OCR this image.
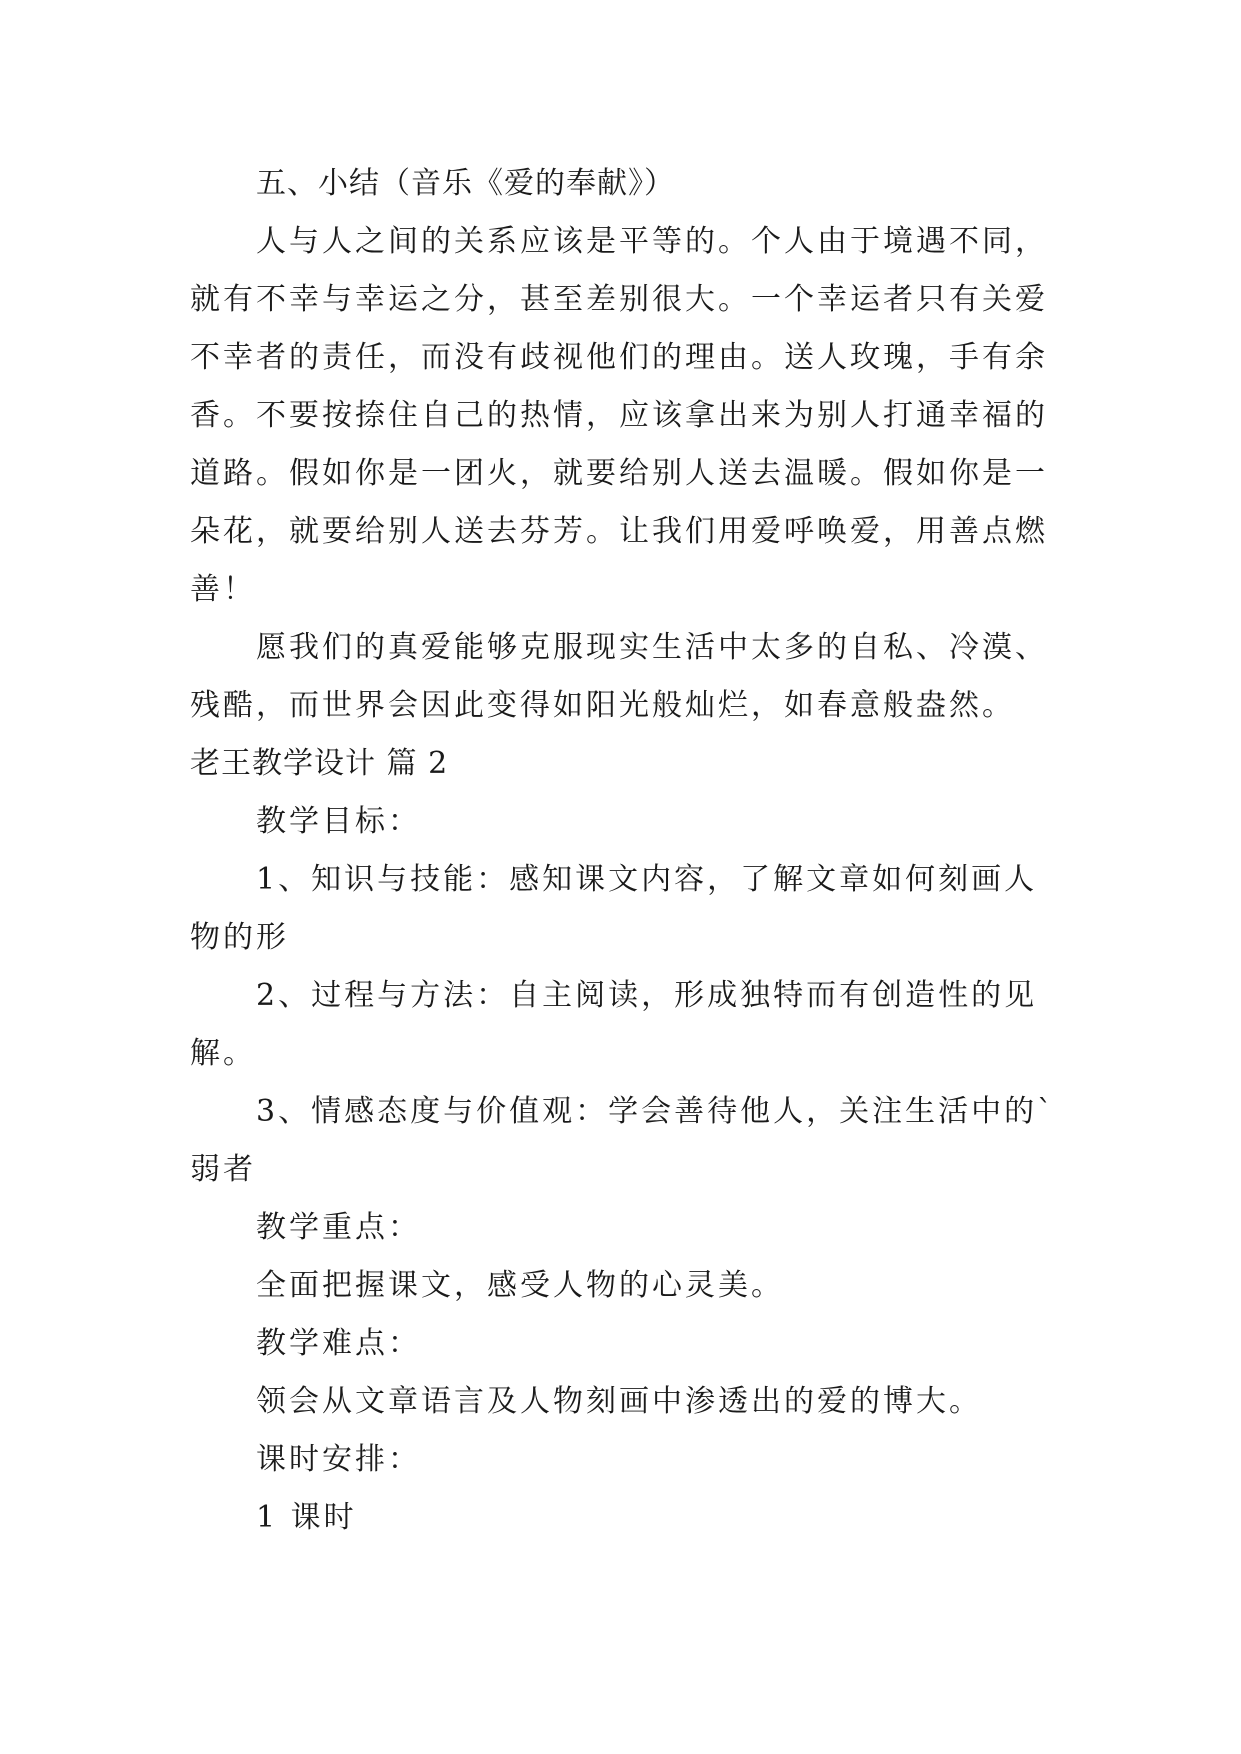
五、小结（音乐《爱的奉献》）
人与人之间的关系应该是平等的。个人由于境遇不同，
就有不幸与幸运之分，甚至差别很大。一个幸运者只有关爱
不幸者的责任，而没有歧视他们的理由。送人玫瑰，手有余
香。不要按捺住自己的热情，应该拿出来为别人打通幸福的
道路。假如你是一团火，就要给别人送去温暖。假如你是一
朵花，就要给别人送去芬芳。让我们用爱呼唤爱，用善点燃
善！
愿我们的真爱能够克服现实生活中太多的自私、冷漠、
残酷，而世界会因此变得如阳光般灿烂，如春意般盎然。
老王教学设计 篇 2
教学目标：
1、知识与技能：感知课文内容，了解文章如何刻画人
物的形
2、过程与方法：自主阅读，形成独特而有创造性的见
解。
3、情感态度与价值观：学会善待他人，关注生活中的`
弱者
教学重点：
全面把握课文，感受人物的心灵美。
教学难点：
领会从文章语言及人物刻画中渗透出的爱的博大。
课时安排：
1 课时
